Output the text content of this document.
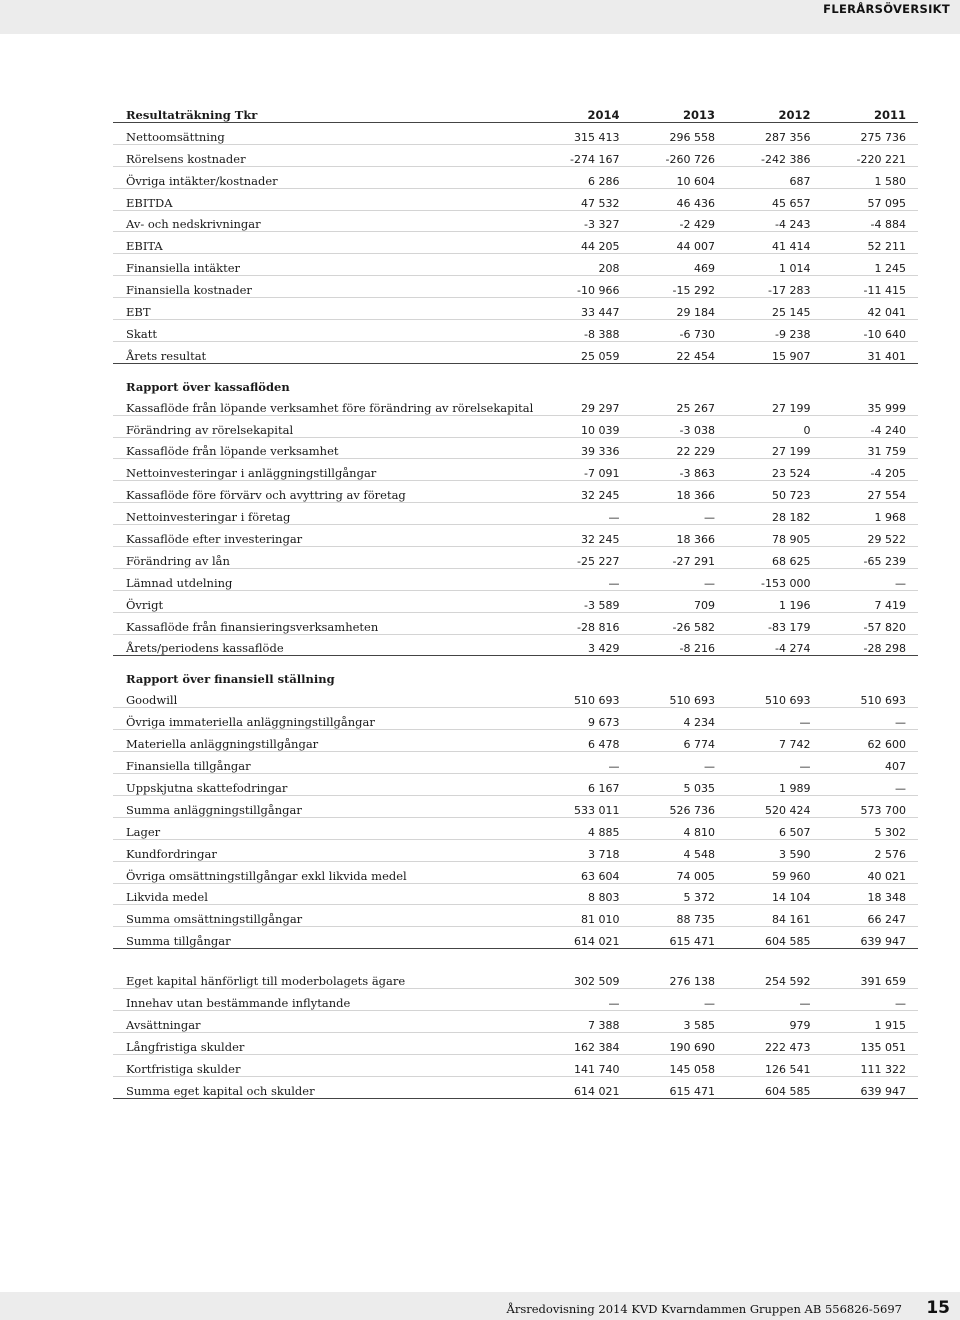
FLERÅRSÖVERSIKT
Resultaträkning Tkr	2014	2013	2012	2011
Nettoomsättning	315 413	296 558	287 356	275 736
Rörelsens kostnader	-274 167	-260 726	-242 386	-220 221
Övriga intäkter/kostnader	6 286	10 604	687	1 580
EBITDA	47 532	46 436	45 657	57 095
Av- och nedskrivningar	-3 327	-2 429	-4 243	-4 884
EBITA	44 205	44 007	41 414	52 211
Finansiella intäkter	208	469	1 014	1 245
Finansiella kostnader	-10 966	-15 292	-17 283	-11 415
EBT	33 447	29 184	25 145	42 041
Skatt	-8 388	-6 730	-9 238	-10 640
Årets resultat	25 059	22 454	15 907	31 401

Rapport över kassaflöden				
Kassaflöde från löpande verksamhet före förändring av rörelsekapital	29 297	25 267	27 199	35 999
Förändring av rörelsekapital	10 039	-3 038	0	-4 240
Kassaflöde från löpande verksamhet	39 336	22 229	27 199	31 759
Nettoinvesteringar i anläggningstillgångar	-7 091	-3 863	23 524	-4 205
Kassaflöde före förvärv och avyttring av företag	32 245	18 366	50 723	27 554
Nettoinvesteringar i företag	—	—	28 182	1 968
Kassaflöde efter investeringar	32 245	18 366	78 905	29 522
Förändring av lån	-25 227	-27 291	68 625	-65 239
Lämnad utdelning	—	—	-153 000	—
Övrigt	-3 589	709	1 196	7 419
Kassaflöde från finansieringsverksamheten	-28 816	-26 582	-83 179	-57 820
Årets/periodens kassaflöde	3 429	-8 216	-4 274	-28 298

Rapport över finansiell ställning				
Goodwill	510 693	510 693	510 693	510 693
Övriga immateriella anläggningstillgångar	9 673	4 234	—	—
Materiella anläggningstillgångar	6 478	6 774	7 742	62 600
Finansiella tillgångar	—	—	—	407
Uppskjutna skattefodringar	6 167	5 035	1 989	—
Summa anläggningstillgångar	533 011	526 736	520 424	573 700
Lager	4 885	4 810	6 507	5 302
Kundfordringar	3 718	4 548	3 590	2 576
Övriga omsättningstillgångar exkl likvida medel	63 604	74 005	59 960	40 021
Likvida medel	8 803	5 372	14 104	18 348
Summa omsättningstillgångar	81 010	88 735	84 161	66 247
Summa tillgångar	614 021	615 471	604 585	639 947

Eget kapital hänförligt till moderbolagets ägare	302 509	276 138	254 592	391 659
Innehav utan bestämmande inflytande	—	—	—	—
Avsättningar	7 388	3 585	979	1 915
Långfristiga skulder	162 384	190 690	222 473	135 051
Kortfristiga skulder	141 740	145 058	126 541	111 322
Summa eget kapital och skulder	614 021	615 471	604 585	639 947
Årsredovisning 2014 KVD Kvarndammen Gruppen AB 556826-5697 15
